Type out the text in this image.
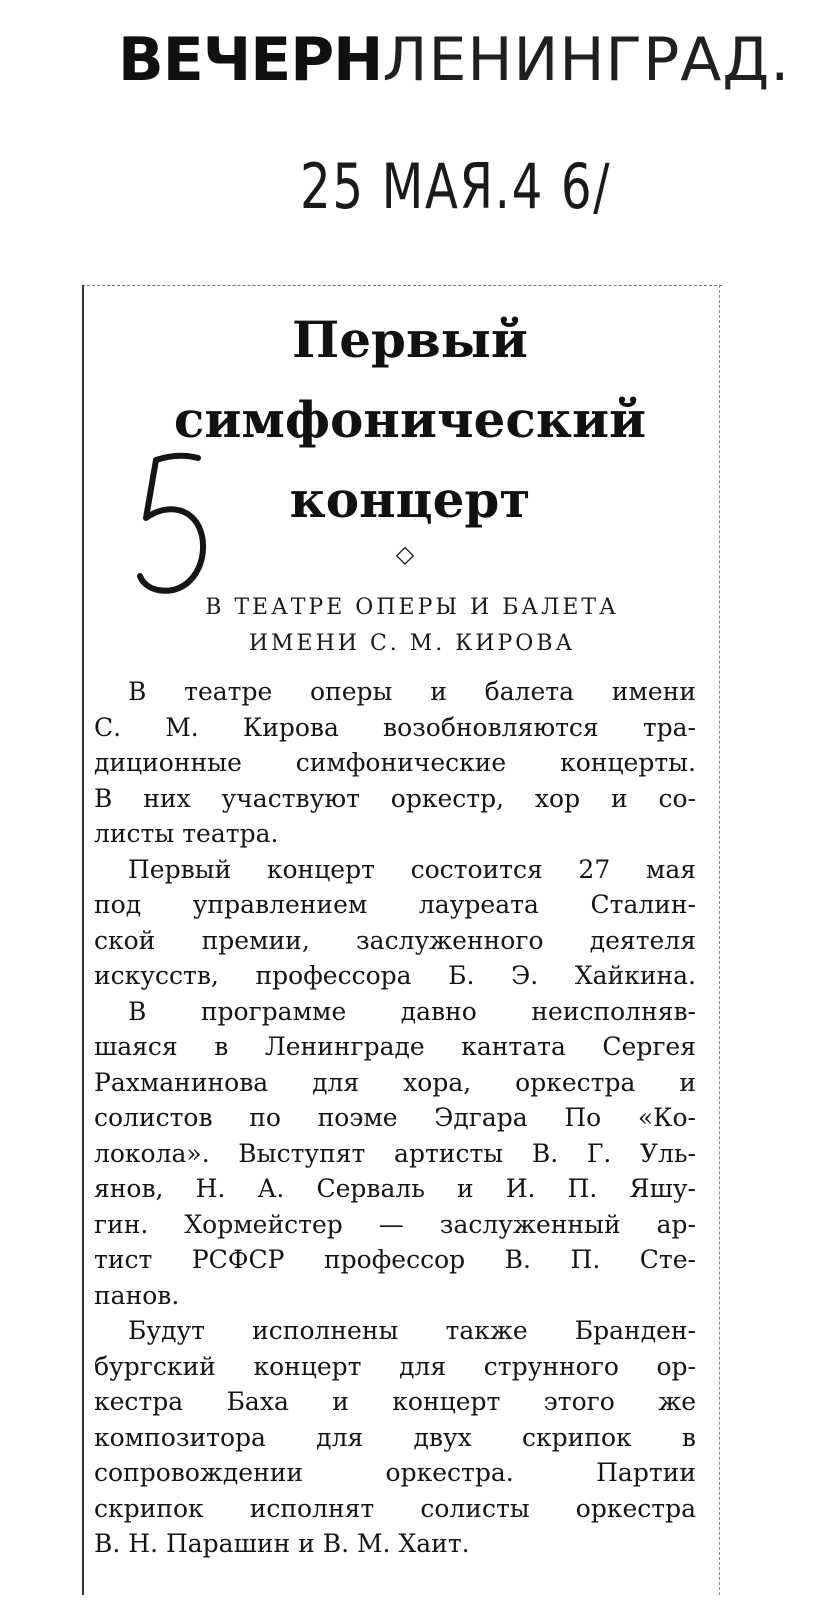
ВЕЧЕРНЛЕНИНГРАД.
25 МАЯ.4 6/
Первый
симфонический
концерт
◇
В ТЕАТРЕ ОПЕРЫ И БАЛЕТА
ИМЕНИ С. М. КИРОВА
В театре оперы и балета имени
С. М. Кирова возобновляются тра-
диционные симфонические концерты.
В них участвуют оркестр, хор и со-
листы театра.
Первый концерт состоится 27 мая
под управлением лауреата Сталин-
ской премии, заслуженного деятеля
искусств, профессора Б. Э. Хайкина.
В программе давно неисполняв-
шаяся в Ленинграде кантата Сергея
Рахманинова для хора, оркестра и
солистов по поэме Эдгара По «Ко-
локола». Выступят артисты В. Г. Уль-
янов, Н. А. Серваль и И. П. Яшу-
гин. Хормейстер — заслуженный ар-
тист РСФСР профессор В. П. Сте-
панов.
Будут исполнены также Бранден-
бургский концерт для струнного ор-
кестра Баха и концерт этого же
композитора для двух скрипок в
сопровождении оркестра. Партии
скрипок исполнят солисты оркестра
В. Н. Парашин и В. М. Хаит.
